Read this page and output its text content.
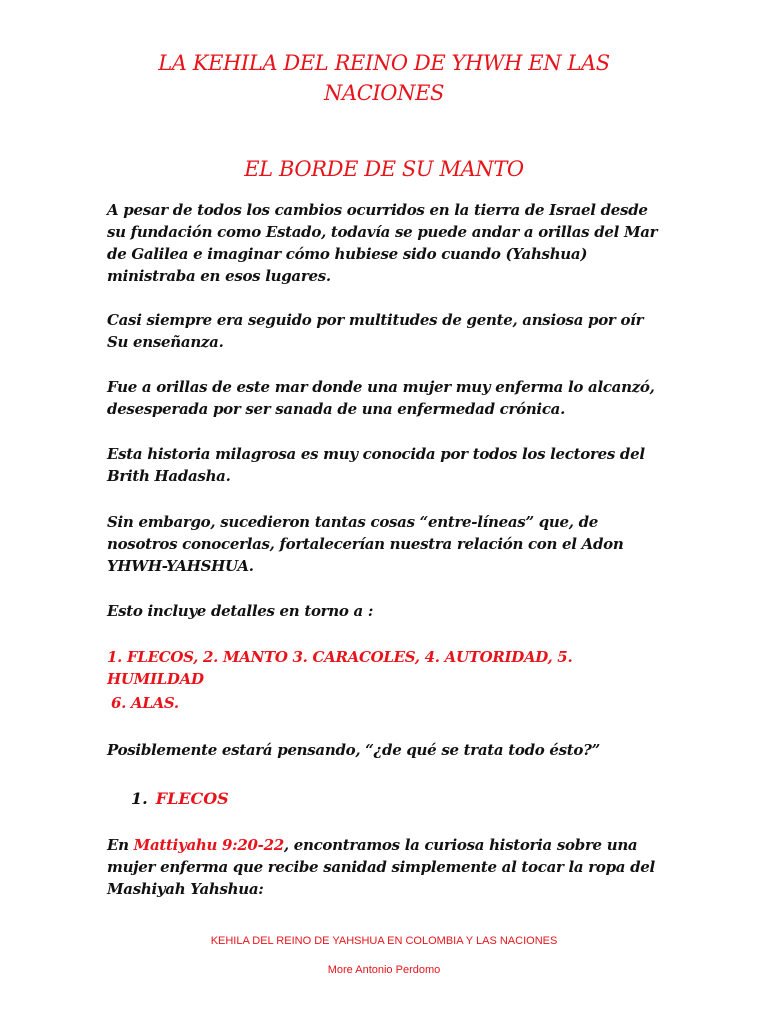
LA KEHILA DEL REINO DE YHWH EN LAS
NACIONES
EL BORDE DE SU MANTO

A pesar de todos los cambios ocurridos en la tierra de Israel desde su fundación como Estado, todavía se puede andar a orillas del Mar de Galilea e imaginar cómo hubiese sido cuando (Yahshua) ministraba en esos lugares.

Casi siempre era seguido por multitudes de gente, ansiosa por oír Su enseñanza.

Fue a orillas de este mar donde una mujer muy enferma lo alcanzó, desesperada por ser sanada de una enfermedad crónica.

Esta historia milagrosa es muy conocida por todos los lectores del Brith Hadasha.

Sin embargo, sucedieron tantas cosas “entre-líneas” que, de nosotros conocerlas, fortalecerían nuestra relación con el Adon YHWH-YAHSHUA.

Esto incluye detalles en torno a :

1. FLECOS, 2. MANTO 3. CARACOLES, 4. AUTORIDAD, 5. HUMILDAD

6. ALAS.

Posiblemente estará pensando, “¿de qué se trata todo ésto?”

1. FLECOS

En Mattiyahu 9:20-22, encontramos la curiosa historia sobre una mujer enferma que recibe sanidad simplemente al tocar la ropa del Mashiyah Yahshua:

KEHILA DEL REINO DE YAHSHUA EN COLOMBIA Y LAS NACIONES
More Antonio Perdomo
